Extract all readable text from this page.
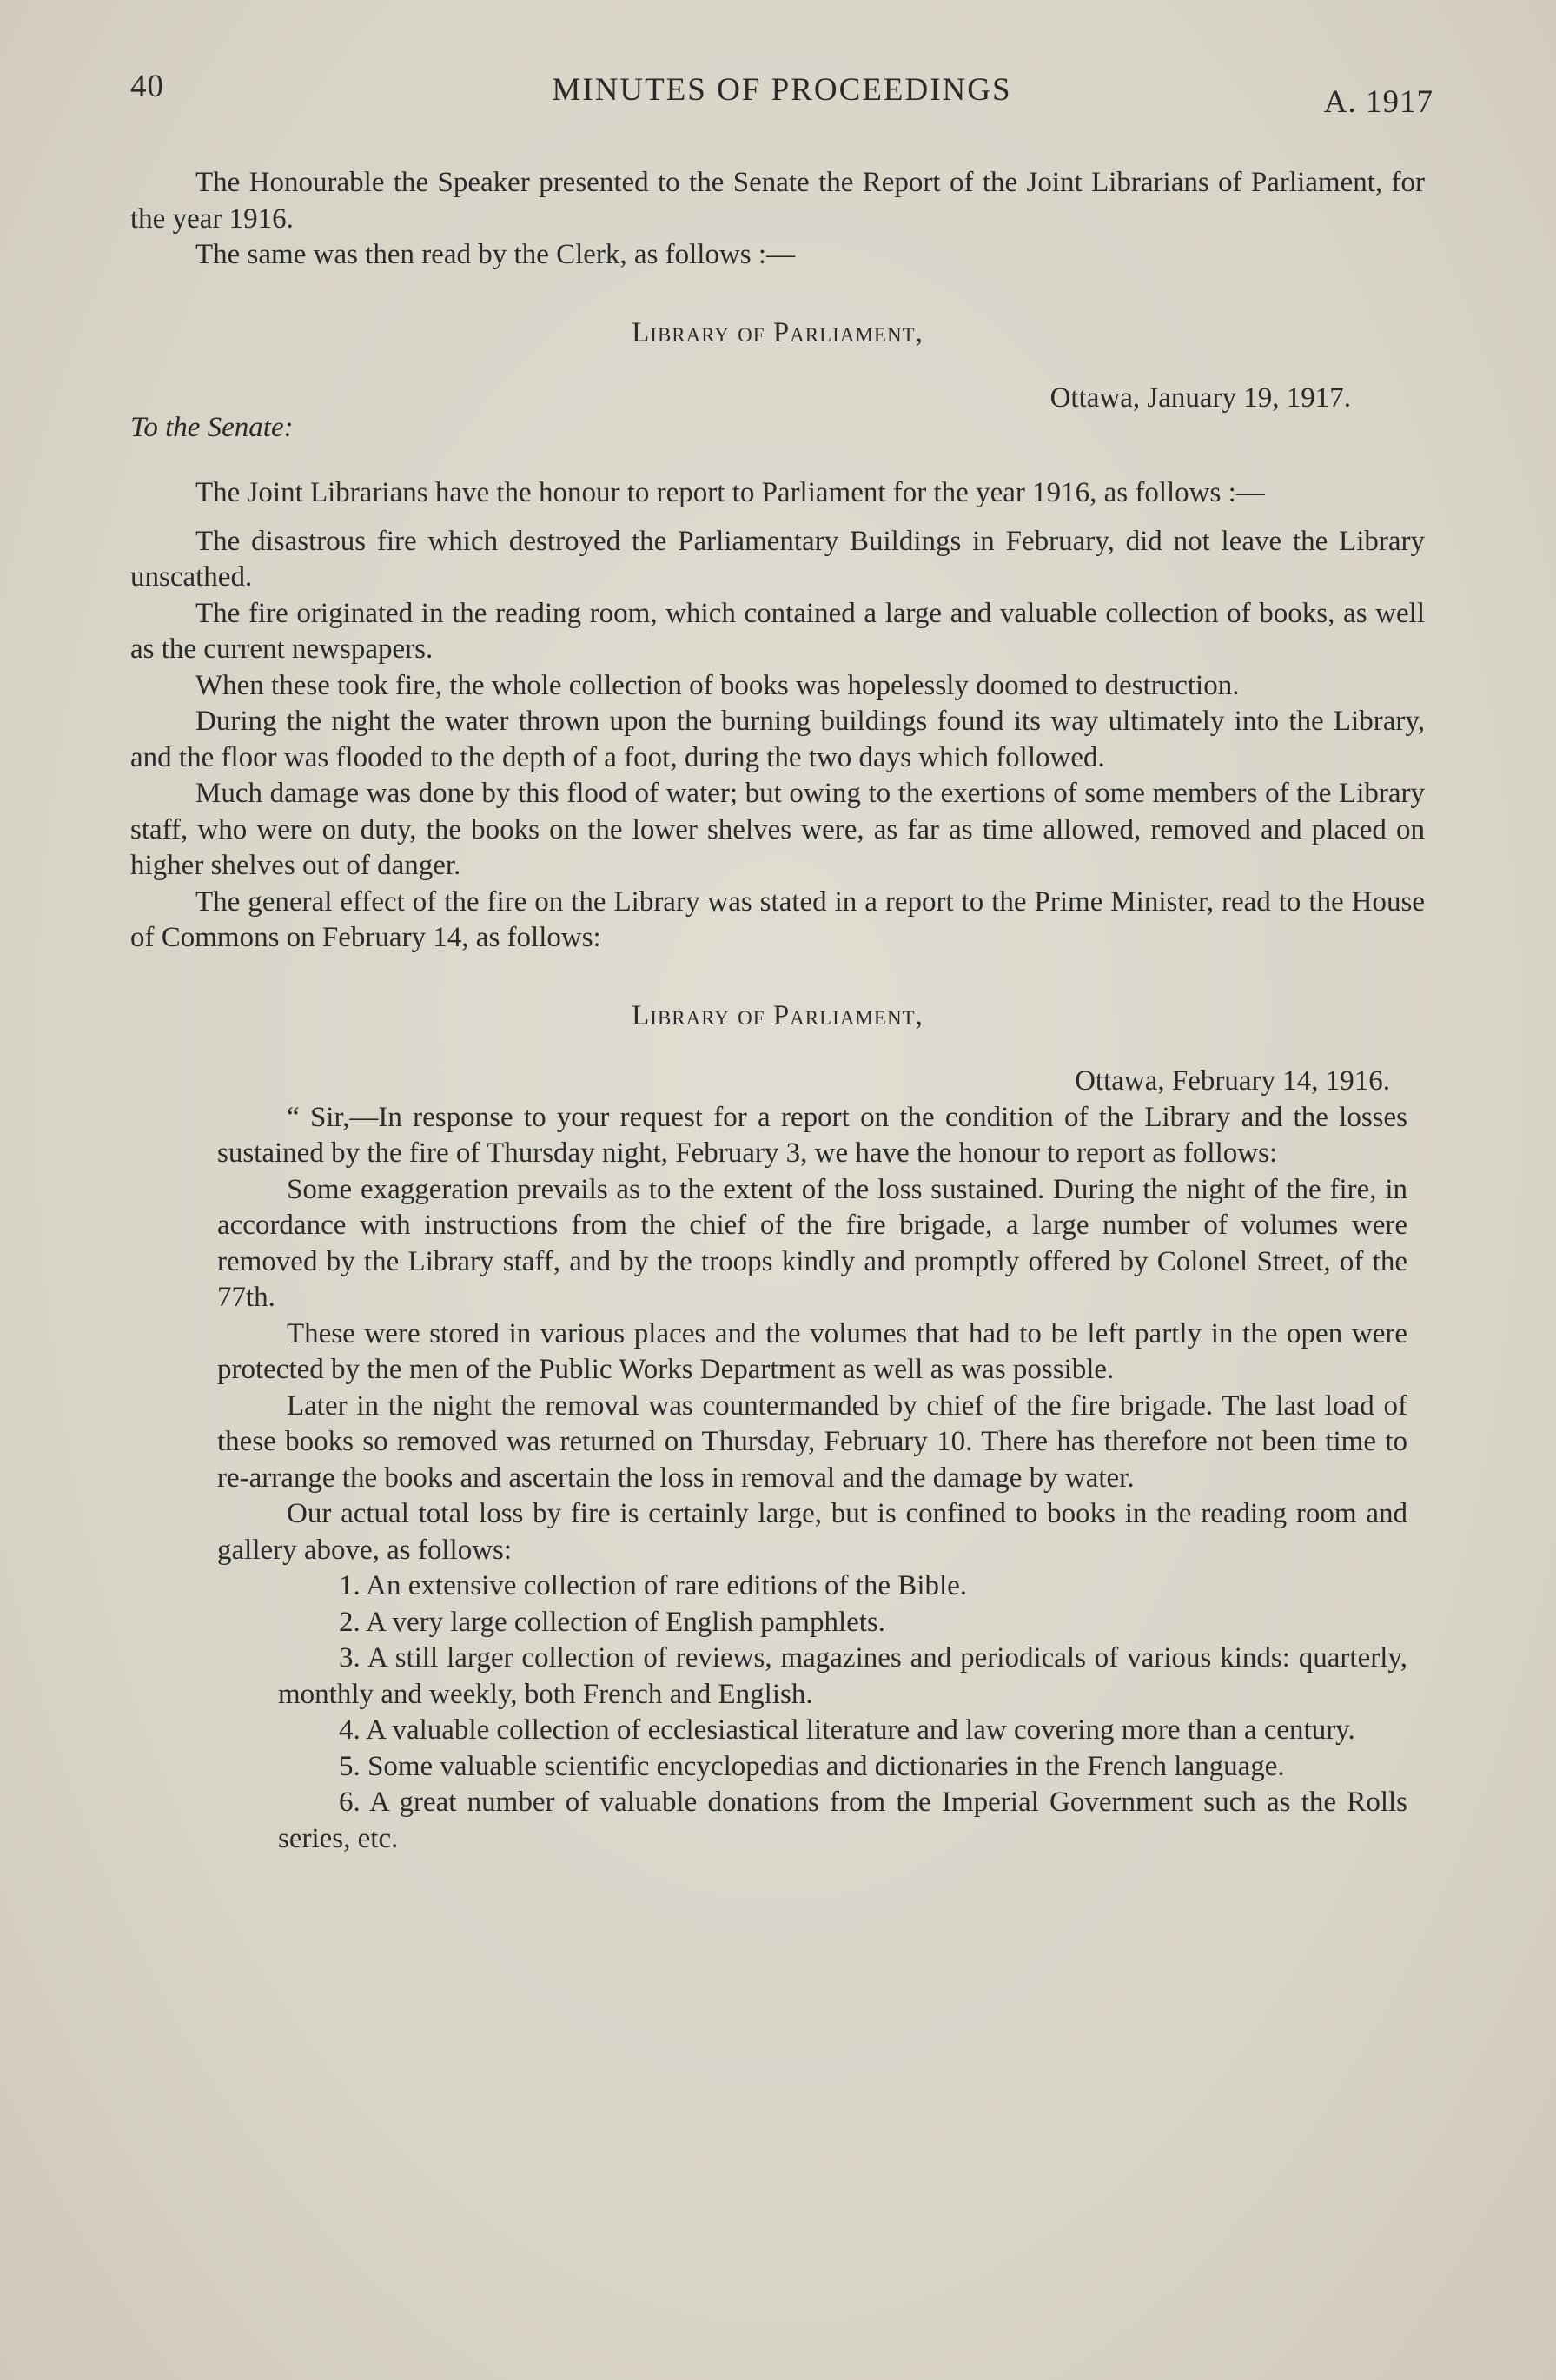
40	MINUTES OF PROCEEDINGS	A. 1917

The Honourable the Speaker presented to the Senate the Report of the Joint Librarians of Parliament, for the year 1916.

The same was then read by the Clerk, as follows :—

Library of Parliament,

Ottawa, January 19, 1917.

To the Senate:

The Joint Librarians have the honour to report to Parliament for the year 1916, as follows :—

The disastrous fire which destroyed the Parliamentary Buildings in February, did not leave the Library unscathed.

The fire originated in the reading room, which contained a large and valuable collection of books, as well as the current newspapers.

When these took fire, the whole collection of books was hopelessly doomed to destruction.

During the night the water thrown upon the burning buildings found its way ultimately into the Library, and the floor was flooded to the depth of a foot, during the two days which followed.

Much damage was done by this flood of water; but owing to the exertions of some members of the Library staff, who were on duty, the books on the lower shelves were, as far as time allowed, removed and placed on higher shelves out of danger.

The general effect of the fire on the Library was stated in a report to the Prime Minister, read to the House of Commons on February 14, as follows:

Library of Parliament,

Ottawa, February 14, 1916.

“ Sir,—In response to your request for a report on the condition of the Library and the losses sustained by the fire of Thursday night, February 3, we have the honour to report as follows:

Some exaggeration prevails as to the extent of the loss sustained. During the night of the fire, in accordance with instructions from the chief of the fire brigade, a large number of volumes were removed by the Library staff, and by the troops kindly and promptly offered by Colonel Street, of the 77th.

These were stored in various places and the volumes that had to be left partly in the open were protected by the men of the Public Works Department as well as was possible.

Later in the night the removal was countermanded by chief of the fire brigade. The last load of these books so removed was returned on Thursday, February 10. There has therefore not been time to re-arrange the books and ascertain the loss in removal and the damage by water.

Our actual total loss by fire is certainly large, but is confined to books in the reading room and gallery above, as follows:

1. An extensive collection of rare editions of the Bible.

2. A very large collection of English pamphlets.

3. A still larger collection of reviews, magazines and periodicals of various kinds: quarterly, monthly and weekly, both French and English.

4. A valuable collection of ecclesiastical literature and law covering more than a century.

5. Some valuable scientific encyclopedias and dictionaries in the French language.

6. A great number of valuable donations from the Imperial Government such as the Rolls series, etc.
